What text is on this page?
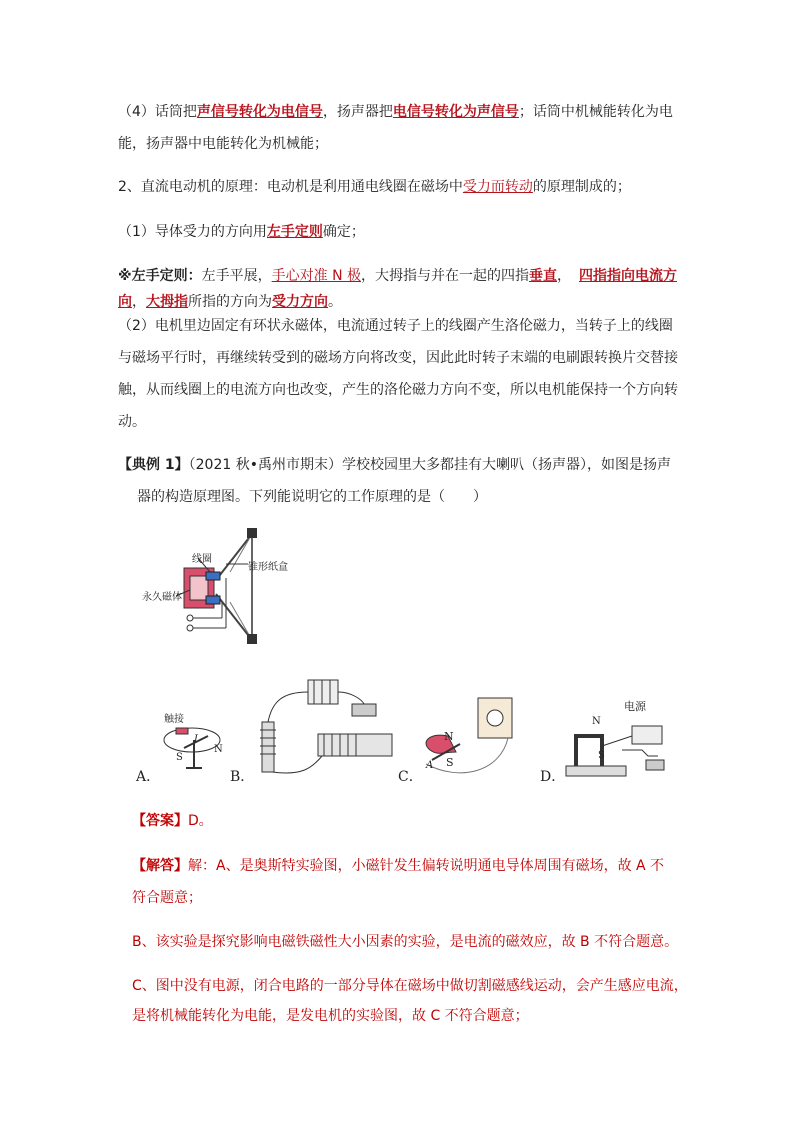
（4）话筒把声信号转化为电信号，扬声器把电信号转化为声信号；话筒中机械能转化为电
能，扬声器中电能转化为机械能；
2、直流电动机的原理：电动机是利用通电线圈在磁场中受力而转动的原理制成的；
（1）导体受力的方向用左手定则确定；
※左手定则：左手平展，手心对准 N 极，大拇指与并在一起的四指垂直， 四指指向电流方
向，大拇指所指的方向为受力方向。
（2）电机里边固定有环状永磁体，电流通过转子上的线圈产生洛伦磁力，当转子上的线圈
与磁场平行时，再继续转受到的磁场方向将改变，因此此时转子末端的电刷跟转换片交替接
触，从而线圈上的电流方向也改变，产生的洛伦磁力方向不变，所以电机能保持一个方向转
动。
【典例 1】（2021 秋•禹州市期末）学校校园里大多都挂有大喇叭（扬声器），如图是扬声
器的构造原理图。下列能说明它的工作原理的是（　　）
线圈
锥形纸盒
永久磁体
A．
触接
I
N
S
B．	C．
N
S
A
D．
电源
N
S
【答案】D。
【解答】解：A、是奥斯特实验图，小磁针发生偏转说明通电导体周围有磁场，故 A 不
符合题意；
B、该实验是探究影响电磁铁磁性大小因素的实验，是电流的磁效应，故 B 不符合题意。
C、图中没有电源，闭合电路的一部分导体在磁场中做切割磁感线运动，会产生感应电流，
是将机械能转化为电能，是发电机的实验图，故 C 不符合题意；
